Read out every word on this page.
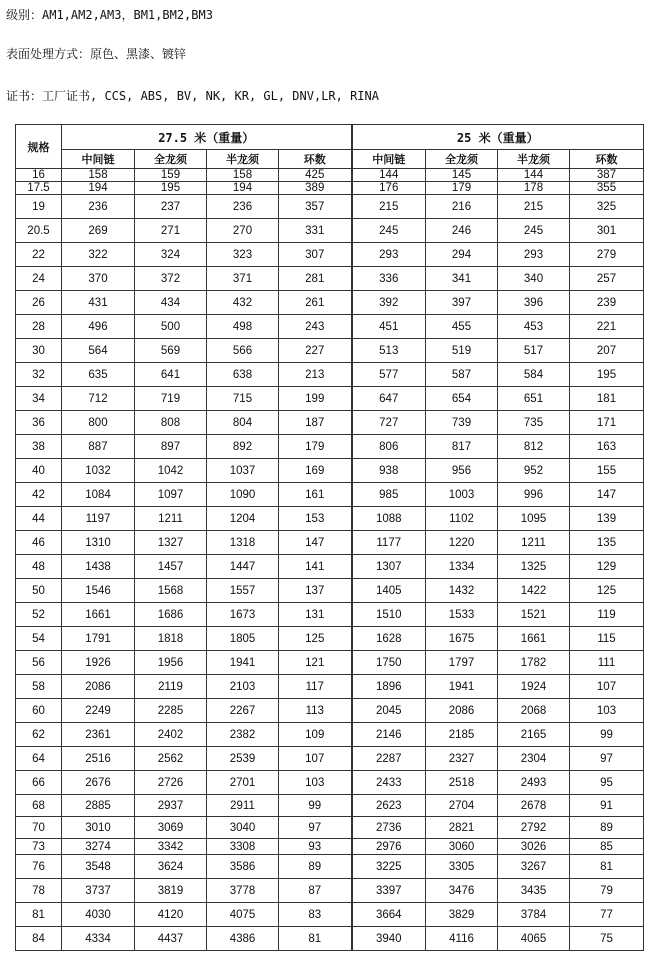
级别：AM1,AM2,AM3，BM1,BM2,BM3
表面处理方式：原色、黑漆、镀锌
证书：工厂证书, CCS, ABS, BV, NK, KR, GL, DNV,LR, RINA
规格	27.5 米（重量）				25 米（重量）			
	中间链	全龙须	半龙须	环数	中间链	全龙须	半龙须	环数
16	158	159	158	425	144	145	144	387
17.5	194	195	194	389	176	179	178	355
19	236	237	236	357	215	216	215	325
20.5	269	271	270	331	245	246	245	301
22	322	324	323	307	293	294	293	279
24	370	372	371	281	336	341	340	257
26	431	434	432	261	392	397	396	239
28	496	500	498	243	451	455	453	221
30	564	569	566	227	513	519	517	207
32	635	641	638	213	577	587	584	195
34	712	719	715	199	647	654	651	181
36	800	808	804	187	727	739	735	171
38	887	897	892	179	806	817	812	163
40	1032	1042	1037	169	938	956	952	155
42	1084	1097	1090	161	985	1003	996	147
44	1197	1211	1204	153	1088	1102	1095	139
46	1310	1327	1318	147	1177	1220	1211	135
48	1438	1457	1447	141	1307	1334	1325	129
50	1546	1568	1557	137	1405	1432	1422	125
52	1661	1686	1673	131	1510	1533	1521	119
54	1791	1818	1805	125	1628	1675	1661	115
56	1926	1956	1941	121	1750	1797	1782	111
58	2086	2119	2103	117	1896	1941	1924	107
60	2249	2285	2267	113	2045	2086	2068	103
62	2361	2402	2382	109	2146	2185	2165	99
64	2516	2562	2539	107	2287	2327	2304	97
66	2676	2726	2701	103	2433	2518	2493	95
68	2885	2937	2911	99	2623	2704	2678	91
70	3010	3069	3040	97	2736	2821	2792	89
73	3274	3342	3308	93	2976	3060	3026	85
76	3548	3624	3586	89	3225	3305	3267	81
78	3737	3819	3778	87	3397	3476	3435	79
81	4030	4120	4075	83	3664	3829	3784	77
84	4334	4437	4386	81	3940	4116	4065	75
